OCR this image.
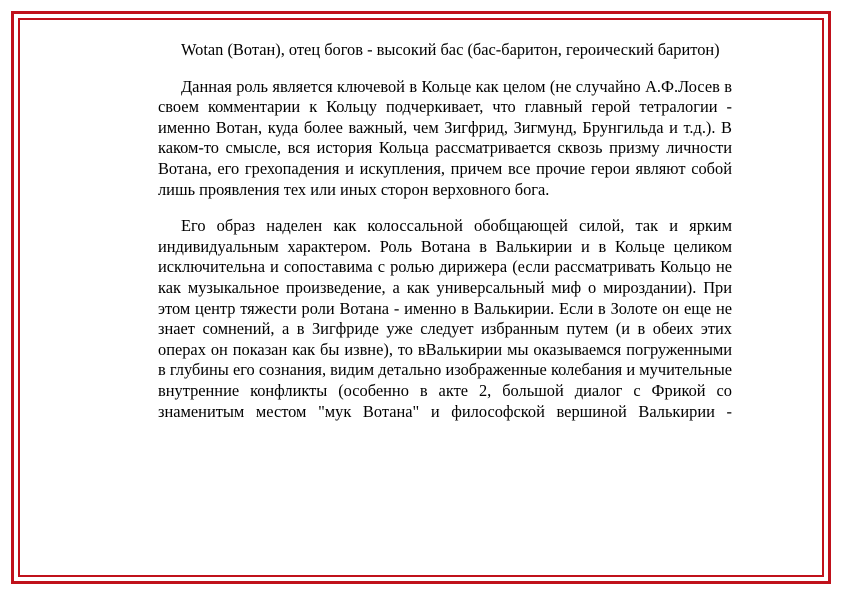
Wotan (Вотан), отец богов - высокий бас (бас-баритон, героический баритон)

Данная роль является ключевой в Кольце как целом (не случайно А.Ф.Лосев в своем комментарии к Кольцу подчеркивает, что главный герой тетралогии - именно Вотан, куда более важный, чем Зигфрид, Зигмунд, Брунгильда и т.д.). В каком-то смысле, вся история Кольца рассматривается сквозь призму личности Вотана, его грехопадения и искупления, причем все прочие герои являют собой лишь проявления тех или иных сторон верховного бога.

Его образ наделен как колоссальной обобщающей силой, так и ярким индивидуальным характером. Роль Вотана в Валькирии и в Кольце целиком исключительна и сопоставима с ролью дирижера (если рассматривать Кольцо не как музыкальное произведение, а как универсальный миф о мироздании). При этом центр тяжести роли Вотана - именно в Валькирии. Если в Золоте он еще не знает сомнений, а в Зигфриде уже следует избранным путем (и в обеих этих операх он показан как бы извне), то вВалькирии мы оказываемся погруженными в глубины его сознания, видим детально изображенные колебания и мучительные внутренние конфликты (особенно в акте 2, большой диалог с Фрикой со знаменитым местом "мук Вотана" и философской вершиной Валькирии -
